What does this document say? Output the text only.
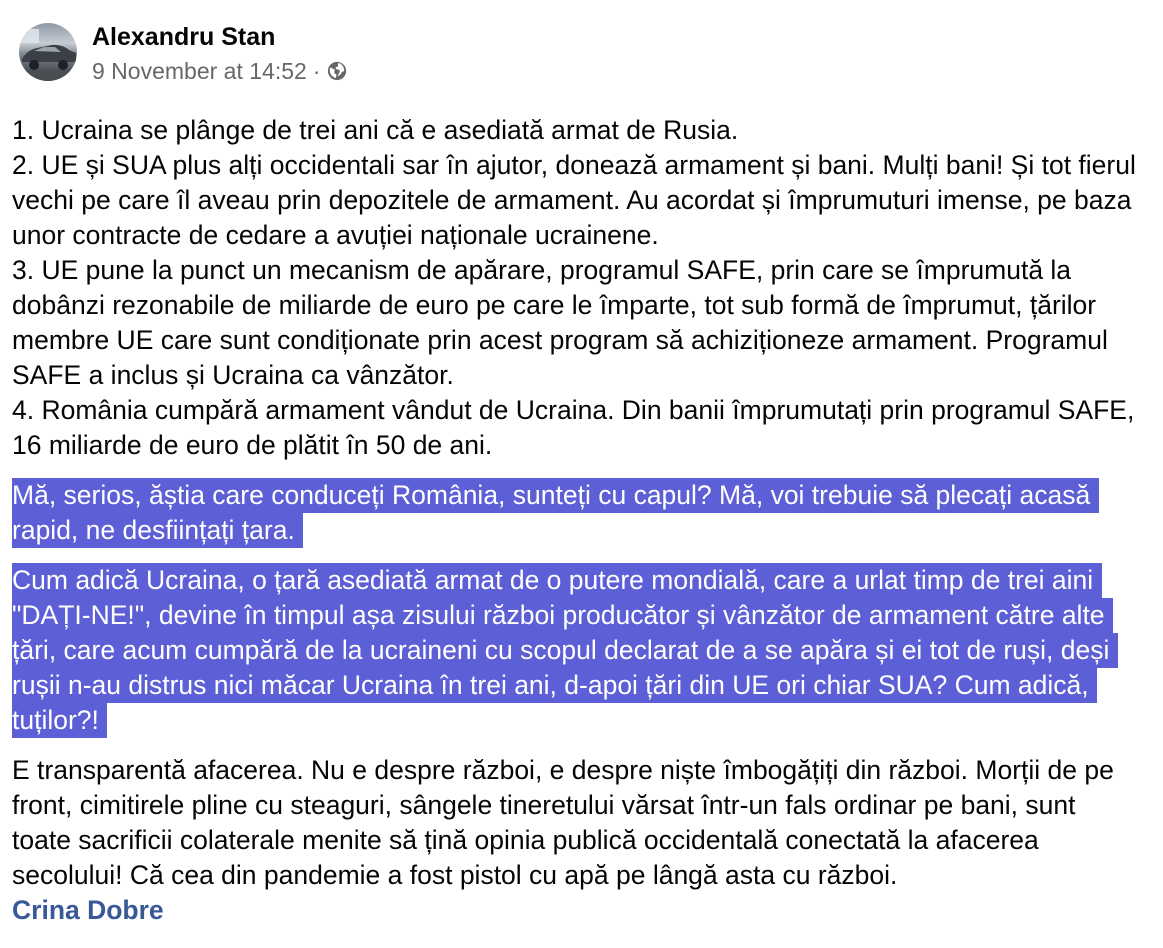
Alexandru Stan
9 November at 14:52 ·
1. Ucraina se plânge de trei ani că e asediată armat de Rusia.
2. UE și SUA plus alți occidentali sar în ajutor, donează armament și bani. Mulți bani! Și tot fierul
vechi pe care îl aveau prin depozitele de armament. Au acordat și împrumuturi imense, pe baza
unor contracte de cedare a avuției naționale ucrainene.
3. UE pune la punct un mecanism de apărare, programul SAFE, prin care se împrumută la
dobânzi rezonabile de miliarde de euro pe care le împarte, tot sub formă de împrumut, țărilor
membre UE care sunt condiționate prin acest program să achiziționeze armament. Programul
SAFE a inclus și Ucraina ca vânzător.
4. România cumpără armament vândut de Ucraina. Din banii împrumutați prin programul SAFE,
16 miliarde de euro de plătit în 50 de ani.
Mă, serios, ăștia care conduceți România, sunteți cu capul? Mă, voi trebuie să plecați acasă
rapid, ne desființați țara.
Cum adică Ucraina, o țară asediată armat de o putere mondială, care a urlat timp de trei aini
"DAȚI-NE!", devine în timpul așa zisului război producător și vânzător de armament către alte
țări, care acum cumpără de la ucraineni cu scopul declarat de a se apăra și ei tot de ruși, deși
rușii n-au distrus nici măcar Ucraina în trei ani, d-apoi țări din UE ori chiar SUA? Cum adică,
tuților?!
E transparentă afacerea. Nu e despre război, e despre niște îmbogățiți din război. Morții de pe
front, cimitirele pline cu steaguri, sângele tineretului vărsat într-un fals ordinar pe bani, sunt
toate sacrificii colaterale menite să țină opinia publică occidentală conectată la afacerea
secolului! Că cea din pandemie a fost pistol cu apă pe lângă asta cu război.
Crina Dobre
